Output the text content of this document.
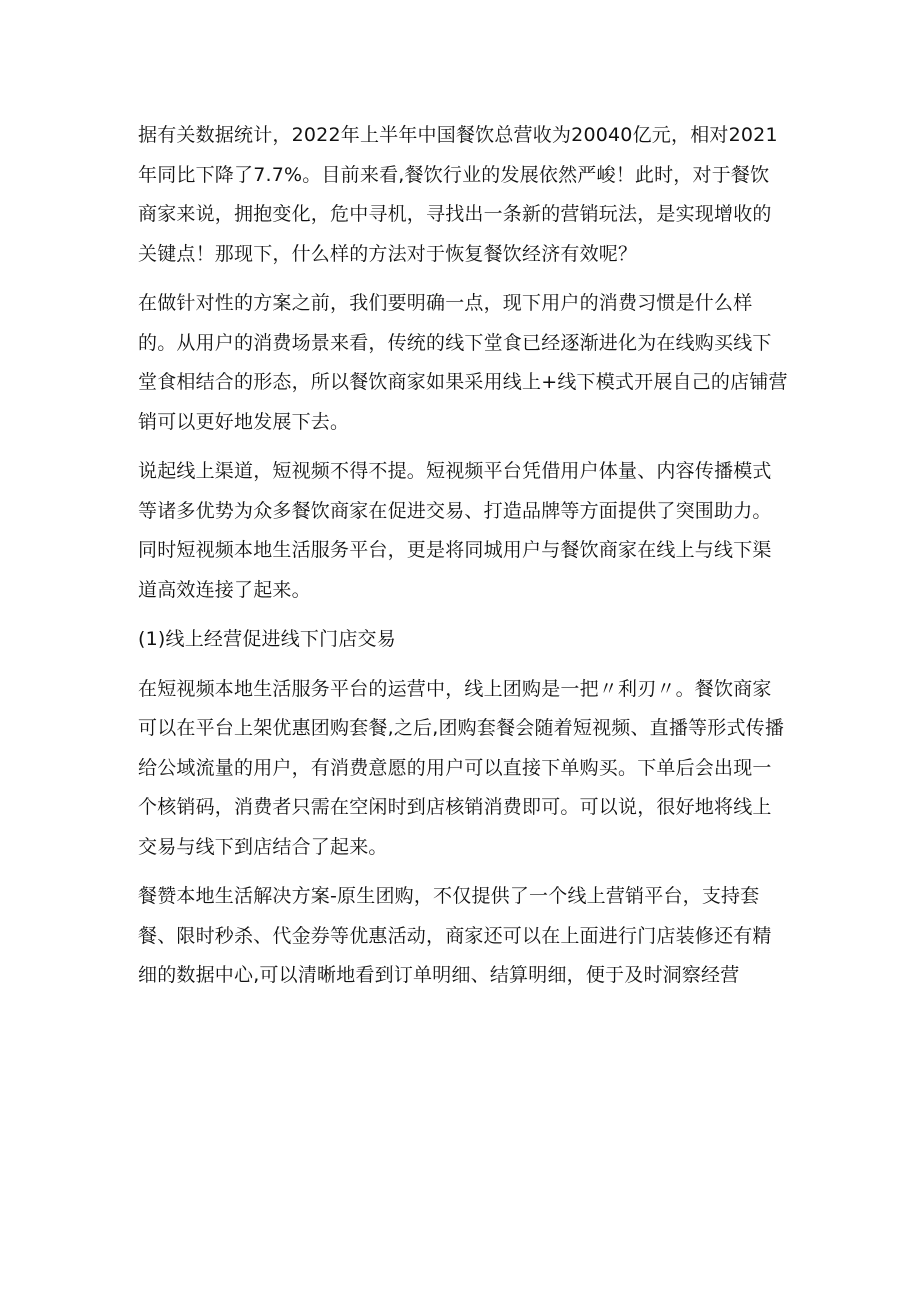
据有关数据统计，2022年上半年中国餐饮总营收为20040亿元，相对2021年同比下降了7.7%。目前来看,餐饮行业的发展依然严峻！此时，对于餐饮商家来说，拥抱变化，危中寻机，寻找出一条新的营销玩法，是实现增收的关键点！那现下，什么样的方法对于恢复餐饮经济有效呢？

在做针对性的方案之前，我们要明确一点，现下用户的消费习惯是什么样的。从用户的消费场景来看，传统的线下堂食已经逐渐进化为在线购买线下堂食相结合的形态，所以餐饮商家如果采用线上+线下模式开展自己的店铺营销可以更好地发展下去。

说起线上渠道，短视频不得不提。短视频平台凭借用户体量、内容传播模式等诸多优势为众多餐饮商家在促进交易、打造品牌等方面提供了突围助力。同时短视频本地生活服务平台，更是将同城用户与餐饮商家在线上与线下渠道高效连接了起来。

(1)线上经营促进线下门店交易

在短视频本地生活服务平台的运营中，线上团购是一把〃利刃〃。餐饮商家可以在平台上架优惠团购套餐,之后,团购套餐会随着短视频、直播等形式传播给公域流量的用户，有消费意愿的用户可以直接下单购买。下单后会出现一个核销码，消费者只需在空闲时到店核销消费即可。可以说，很好地将线上交易与线下到店结合了起来。

餐赞本地生活解决方案-原生团购，不仅提供了一个线上营销平台，支持套餐、限时秒杀、代金券等优惠活动，商家还可以在上面进行门店装修还有精细的数据中心,可以清晰地看到订单明细、结算明细，便于及时洞察经营
